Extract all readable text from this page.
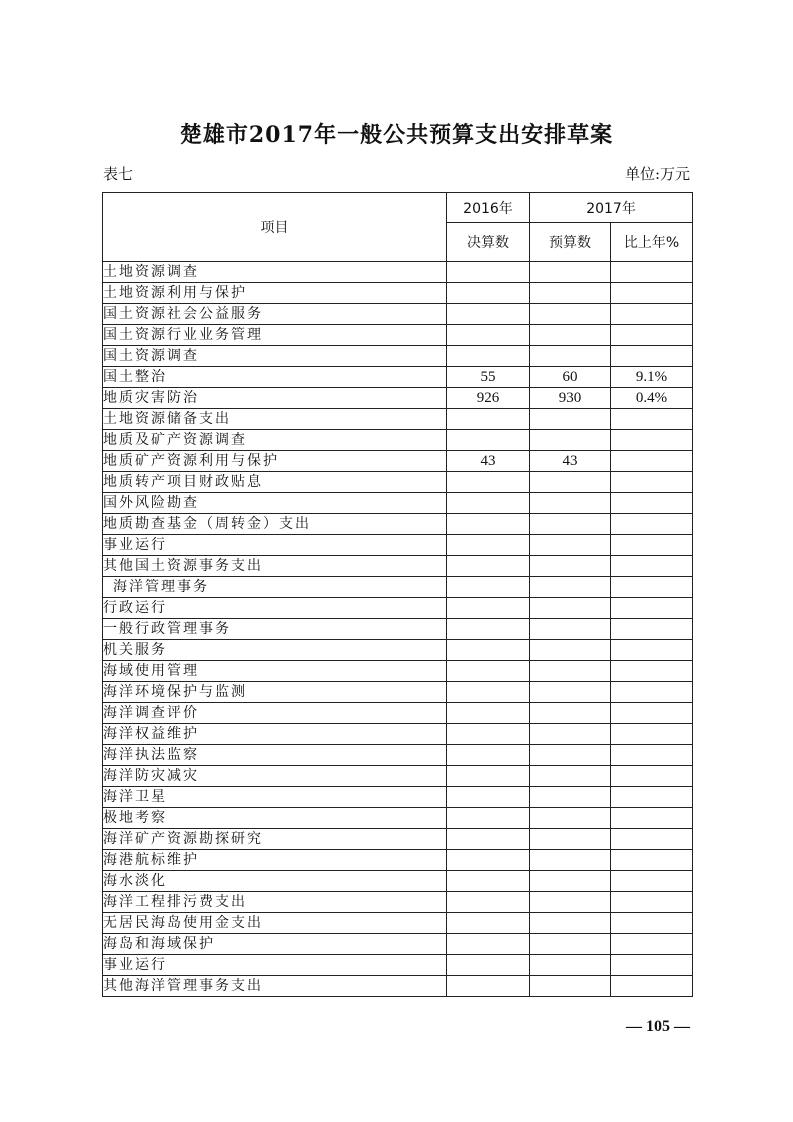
楚雄市2017年一般公共预算支出安排草案
表七	单位:万元
项目	2016年	2017年	
	决算数	预算数	比上年%
土地资源调查			
土地资源利用与保护			
国土资源社会公益服务			
国土资源行业业务管理			
国土资源调查			
国土整治	55	60	9.1%
地质灾害防治	926	930	0.4%
土地资源储备支出			
地质及矿产资源调查			
地质矿产资源利用与保护	43	43	
地质转产项目财政贴息			
国外风险勘查			
地质勘查基金（周转金）支出			
事业运行			
其他国土资源事务支出			
海洋管理事务			
行政运行			
一般行政管理事务			
机关服务			
海域使用管理			
海洋环境保护与监测			
海洋调查评价			
海洋权益维护			
海洋执法监察			
海洋防灾减灾			
海洋卫星			
极地考察			
海洋矿产资源勘探研究			
海港航标维护			
海水淡化			
海洋工程排污费支出			
无居民海岛使用金支出			
海岛和海域保护			
事业运行			
其他海洋管理事务支出			
— 105 —
